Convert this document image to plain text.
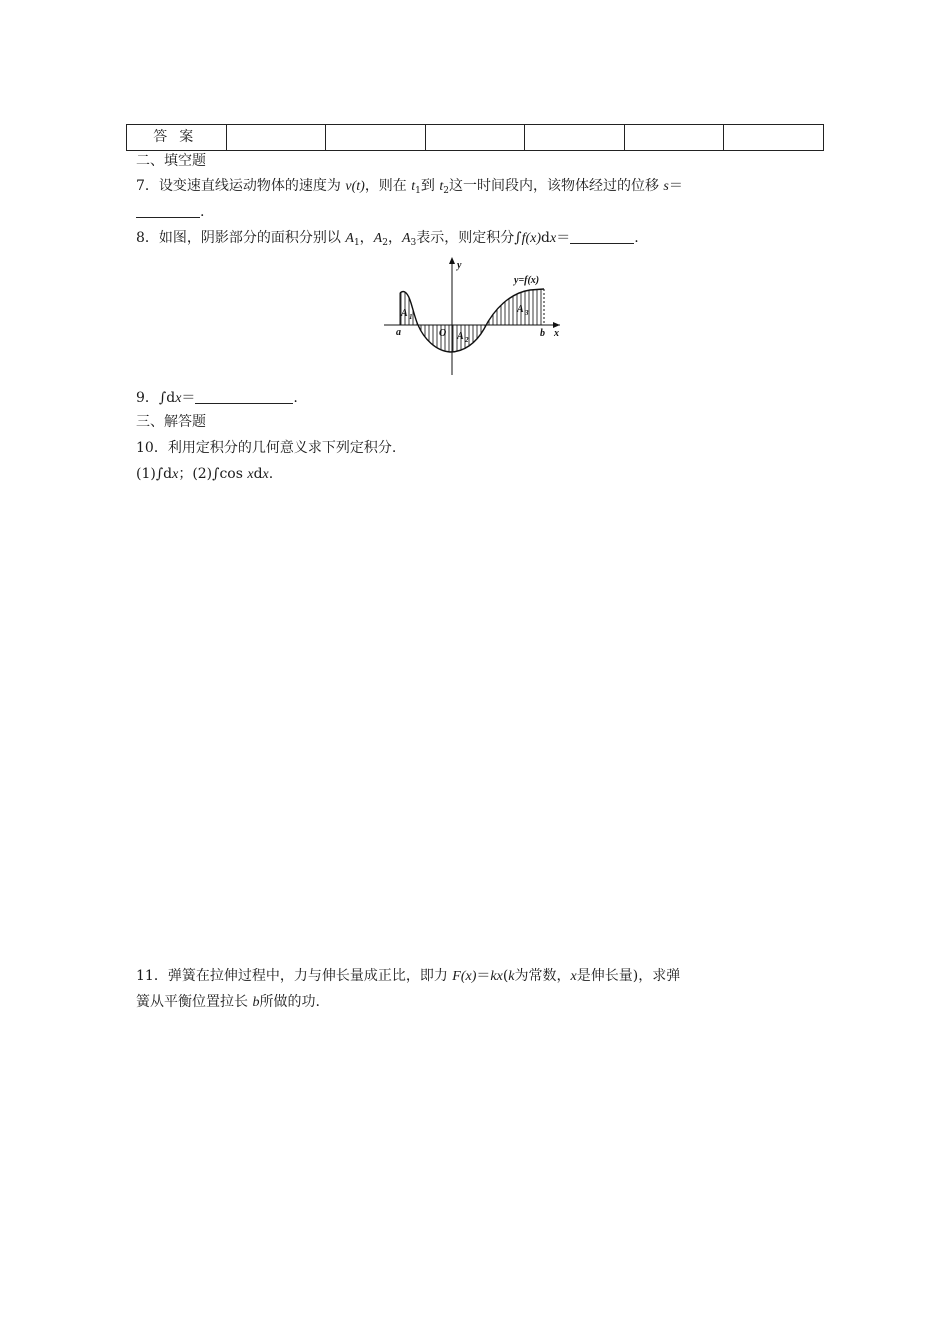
答案						
二、填空题
7．设变速直线运动物体的速度为 v(t)，则在 $t_1$到 $t_2$这一时间段内，该物体经过的位移 s＝
.
8．如图，阴影部分的面积分别以 $A_1$，$A_2$，$A_3$表示，则定积分∫f(x)dx＝	.
y
x
y=f(x)
a	b
O
A 1
A 2
A 3
9．∫dx＝	.
三、解答题
10．利用定积分的几何意义求下列定积分.
(1)∫dx；(2)∫cos xdx.
11．弹簧在拉伸过程中，力与伸长量成正比，即力 F(x)＝kx(k为常数，x是伸长量)，求弹
簧从平衡位置拉长 b所做的功.
